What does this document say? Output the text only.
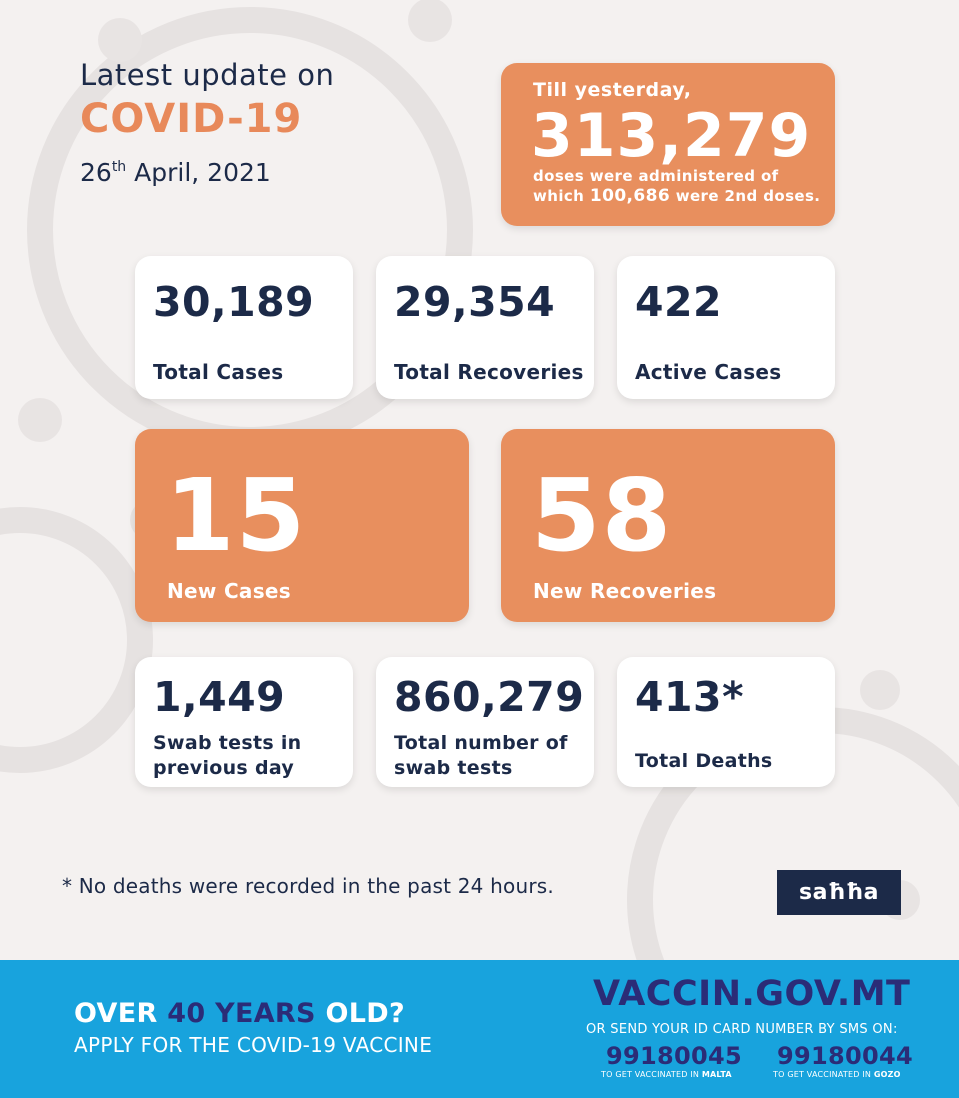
Latest update on
COVID-19
26th April, 2021
Till yesterday,
313,279
doses were administered of
which 100,686 were 2nd doses.
30,189
Total Cases
29,354
Total Recoveries
422
Active Cases
15
New Cases
58
New Recoveries
1,449
Swab tests in
previous day
860,279
Total number of
swab tests
413*
Total Deaths
* No deaths were recorded in the past 24 hours.	saħħa
OVER 40 YEARS OLD?
APPLY FOR THE COVID-19 VACCINE
VACCIN.GOV.MT
OR SEND YOUR ID CARD NUMBER BY SMS ON:
99180045
TO GET VACCINATED IN MALTA
99180044
TO GET VACCINATED IN GOZO
